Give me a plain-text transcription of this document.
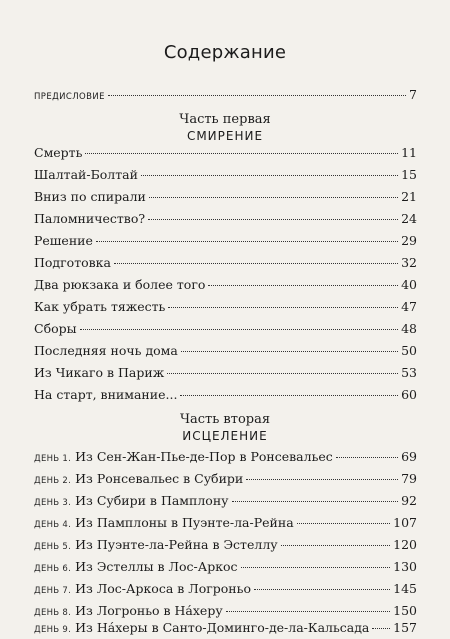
Содержание
ПРЕДИСЛОВИЕ	7
Часть первая
СМИРЕНИЕ
Смерть	11
Шалтай-Болтай	15
Вниз по спирали	21
Паломничество?	24
Решение	29
Подготовка	32
Два рюкзака и более того	40
Как убрать тяжесть	47
Сборы	48
Последняя ночь дома	50
Из Чикаго в Париж	53
На старт, внимание...	60
Часть вторая
ИСЦЕЛЕНИЕ
ДЕНЬ 1. Из Сен-Жан-Пье-де-Пор в Ронсевальес	69
ДЕНЬ 2. Из Ронсевальес в Субири	79
ДЕНЬ 3. Из Субири в Памплону	92
ДЕНЬ 4. Из Памплоны в Пуэнте-ла-Рейна	107
ДЕНЬ 5. Из Пуэнте-ла-Рейна в Эстеллу	120
ДЕНЬ 6. Из Эстеллы в Лос-Аркос	130
ДЕНЬ 7. Из Лос-Аркоса в Логроньо	145
ДЕНЬ 8. Из Логроньо в Нáхеру	150
ДЕНЬ 9. Из Нáхеры в Санто-Доминго-де-ла-Кальсада 157
